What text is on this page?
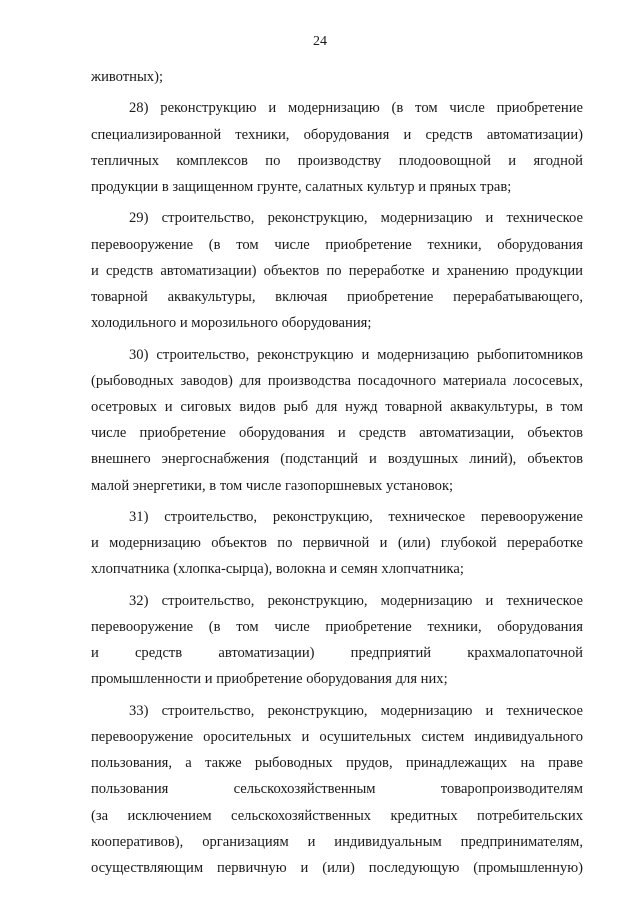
24
животных);
28) реконструкцию и модернизацию (в том числе приобретение
специализированной техники, оборудования и средств автоматизации)
тепличных комплексов по производству плодоовощной и ягодной
продукции в защищенном грунте, салатных культур и пряных трав;
29) строительство, реконструкцию, модернизацию и техническое
перевооружение (в том числе приобретение техники, оборудования
и средств автоматизации) объектов по переработке и хранению продукции
товарной аквакультуры, включая приобретение перерабатывающего,
холодильного и морозильного оборудования;
30) строительство, реконструкцию и модернизацию рыбопитомников
(рыбоводных заводов) для производства посадочного материала лососевых,
осетровых и сиговых видов рыб для нужд товарной аквакультуры, в том
числе приобретение оборудования и средств автоматизации, объектов
внешнего энергоснабжения (подстанций и воздушных линий), объектов
малой энергетики, в том числе газопоршневых установок;
31) строительство, реконструкцию, техническое перевооружение
и модернизацию объектов по первичной и (или) глубокой переработке
хлопчатника (хлопка-сырца), волокна и семян хлопчатника;
32) строительство, реконструкцию, модернизацию и техническое
перевооружение (в том числе приобретение техники, оборудования
и средств автоматизации) предприятий крахмалопаточной
промышленности и приобретение оборудования для них;
33) строительство, реконструкцию, модернизацию и техническое
перевооружение оросительных и осушительных систем индивидуального
пользования, а также рыбоводных прудов, принадлежащих на праве
пользования сельскохозяйственным товаропроизводителям
(за исключением сельскохозяйственных кредитных потребительских
кооперативов), организациям и индивидуальным предпринимателям,
осуществляющим первичную и (или) последующую (промышленную)
